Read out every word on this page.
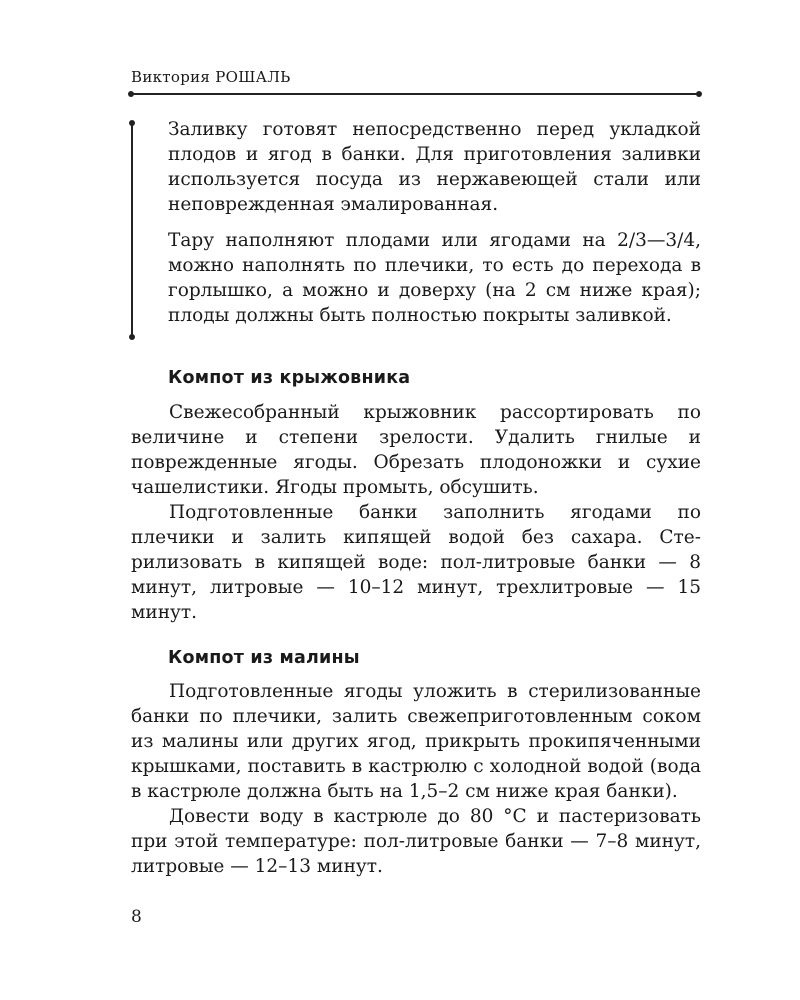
Виктория РОШАЛЬ

Заливку готовят непосредственно перед укладкой плодов и ягод в банки. Для приготовления заливки используется посуда из нержавеющей стали или неповрежденная эмалированная.

Тару наполняют плодами или ягодами на 2/3—3/4, можно наполнять по плечики, то есть до перехода в горлышко, а можно и доверху (на 2 см ниже края); плоды должны быть полностью покрыты заливкой.

Компот из крыжовника

Свежесобранный крыжовник рассортировать по величине и степени зрелости. Удалить гнилые и поврежденные ягоды. Обрезать плодоножки и сухие чашелистики. Ягоды промыть, обсушить.

Подготовленные банки заполнить ягодами по плечики и залить кипящей водой без сахара. Стерилизовать в кипящей воде: пол-литровые банки — 8 минут, литровые — 10–12 минут, трехлитровые — 15 минут.

Компот из малины

Подготовленные ягоды уложить в стерилизованные банки по плечики, залить свежеприготовленным соком из малины или других ягод, прикрыть прокипяченными крышками, поставить в кастрюлю с холодной водой (вода в кастрюле должна быть на 1,5–2 см ниже края банки).

Довести воду в кастрюле до 80 °С и пастеризовать при этой температуре: пол-литровые банки — 7–8 минут, литровые — 12–13 минут.

8
